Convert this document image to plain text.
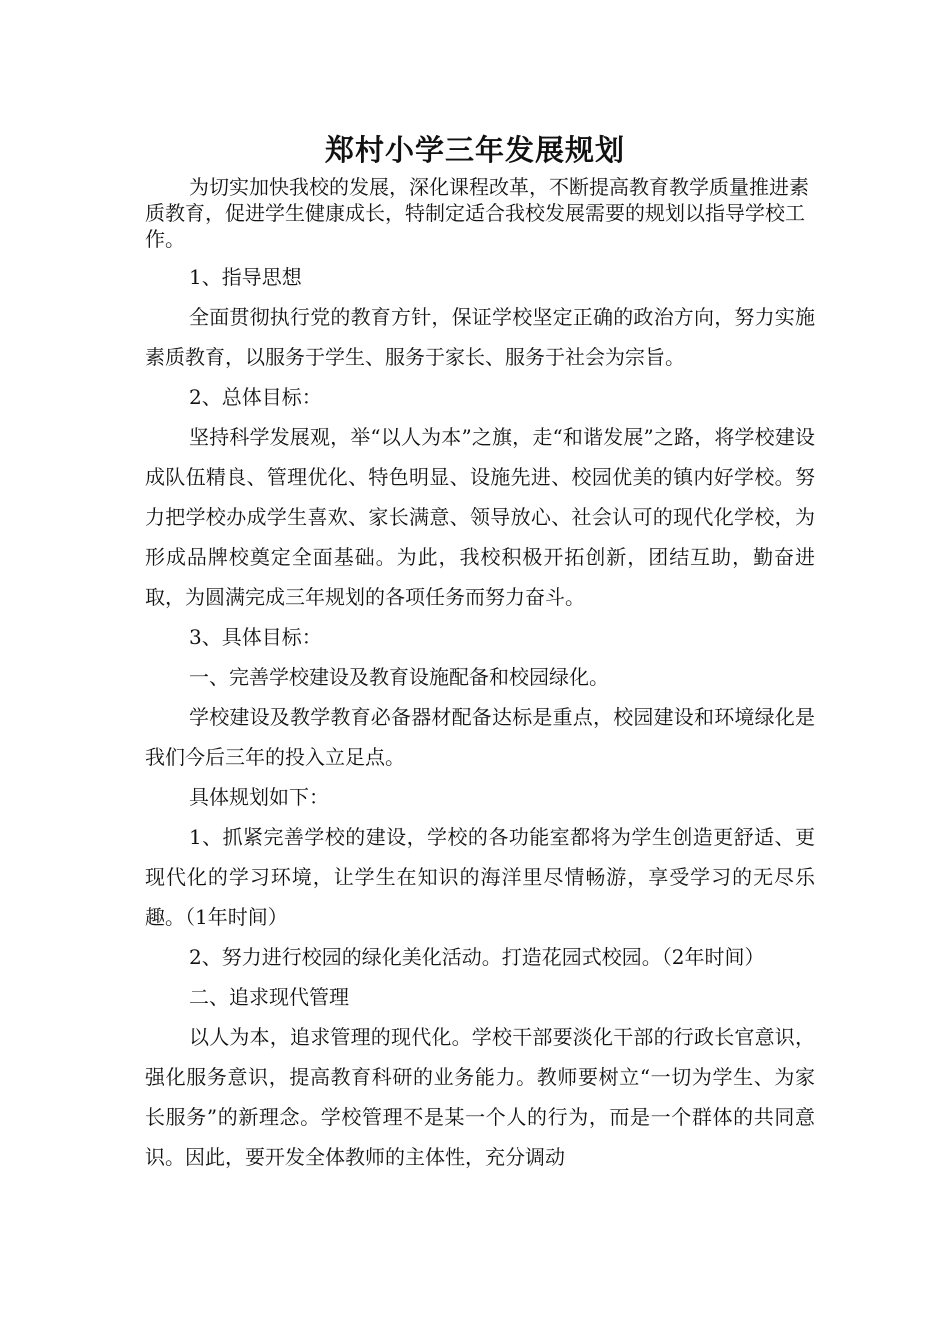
郑村小学三年发展规划

为切实加快我校的发展，深化课程改革，不断提高教育教学质量推进素质教育，促进学生健康成长，特制定适合我校发展需要的规划以指导学校工作。

1、指导思想

全面贯彻执行党的教育方针，保证学校坚定正确的政治方向，努力实施素质教育，以服务于学生、服务于家长、服务于社会为宗旨。

2、总体目标：

坚持科学发展观，举“以人为本”之旗，走“和谐发展”之路，将学校建设成队伍精良、管理优化、特色明显、设施先进、校园优美的镇内好学校。努力把学校办成学生喜欢、家长满意、领导放心、社会认可的现代化学校，为形成品牌校奠定全面基础。为此，我校积极开拓创新，团结互助，勤奋进取，为圆满完成三年规划的各项任务而努力奋斗。

3、具体目标：

一、完善学校建设及教育设施配备和校园绿化。

学校建设及教学教育必备器材配备达标是重点，校园建设和环境绿化是我们今后三年的投入立足点。

具体规划如下：

1、抓紧完善学校的建设，学校的各功能室都将为学生创造更舒适、更现代化的学习环境，让学生在知识的海洋里尽情畅游，享受学习的无尽乐趣。（1年时间）

2、努力进行校园的绿化美化活动。打造花园式校园。（2年时间）

二、追求现代管理

以人为本，追求管理的现代化。学校干部要淡化干部的行政长官意识，强化服务意识，提高教育科研的业务能力。教师要树立“一切为学生、为家长服务”的新理念。学校管理不是某一个人的行为，而是一个群体的共同意识。因此，要开发全体教师的主体性，充分调动
